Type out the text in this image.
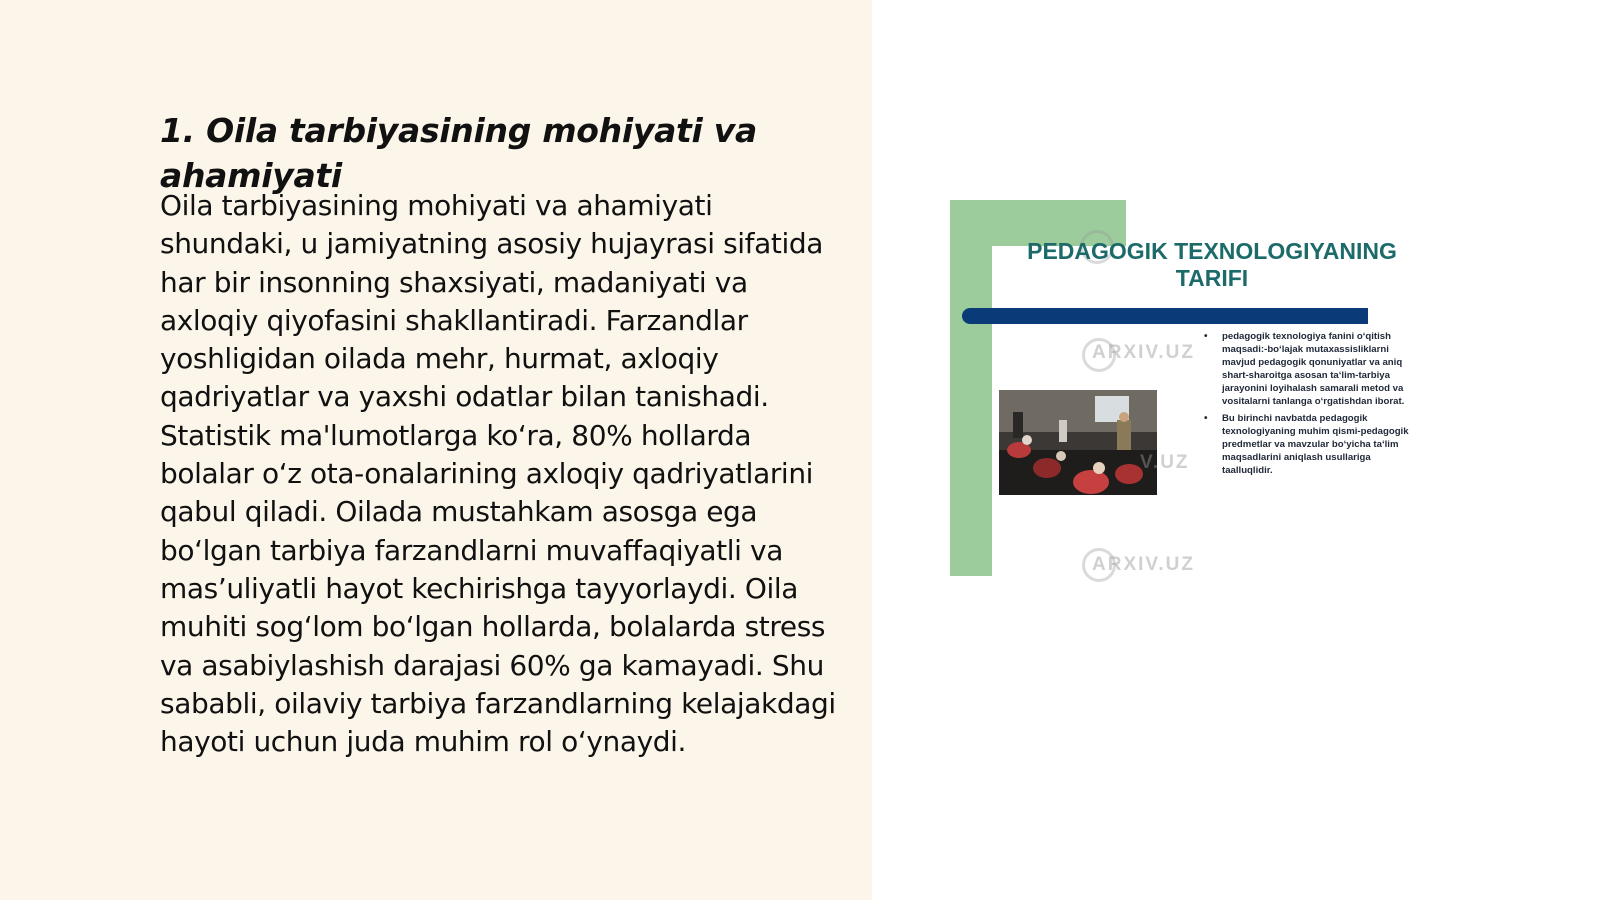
1. Oila tarbiyasining mohiyati va ahamiyati

Oila tarbiyasining mohiyati va ahamiyati shundaki, u jamiyatning asosiy hujayrasi sifatida har bir insonning shaxsiyati, madaniyati va axloqiy qiyofasini shakllantiradi. Farzandlar yoshligidan oilada mehr, hurmat, axloqiy qadriyatlar va yaxshi odatlar bilan tanishadi. Statistik ma'lumotlarga ko‘ra, 80% hollarda bolalar o‘z ota-onalarining axloqiy qadriyatlarini qabul qiladi. Oilada mustahkam asosga ega bo‘lgan tarbiya farzandlarni muvaffaqiyatli va mas’uliyatli hayot kechirishga tayyorlaydi. Oila muhiti sog‘lom bo‘lgan hollarda, bolalarda stress va asabiylashish darajasi 60% ga kamayadi. Shu sababli, oilaviy tarbiya farzandlarning kelajakdagi hayoti uchun juda muhim rol o‘ynaydi.

PEDAGOGIK TEXNOLOGIYANING TARIFI
ARXIV.UZ
V.UZ
• pedagogik texnologiya fanini o‘qitish maqsadi:-bo‘lajak mutaxassisliklarni mavjud pedagogik qonuniyatlar va aniq shart-sharoitga asosan ta‘lim-tarbiya jarayonini loyihalash samarali metod va vositalarni tanlanga o‘rgatishdan iborat.
• Bu birinchi navbatda pedagogik texnologiyaning muhim qismi-pedagogik predmetlar va mavzular bo‘yicha ta‘lim maqsadlarini aniqlash usullariga taalluqlidir.
ARXIV.UZ
